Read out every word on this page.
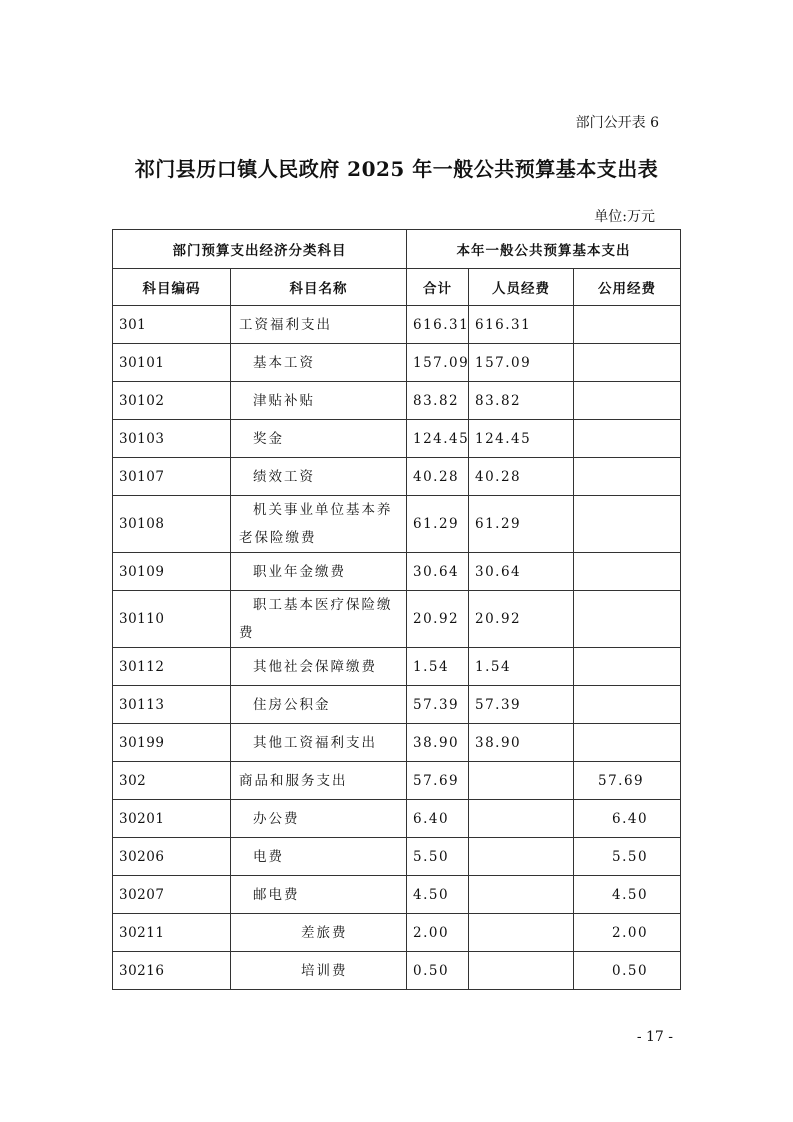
部门公开表 6
祁门县历口镇人民政府 2025 年一般公共预算基本支出表
单位:万元
部门预算支出经济分类科目		本年一般公共预算基本支出		
科目编码	科目名称	合计	人员经费	公用经费
301	工资福利支出	616.31	616.31	
30101	基本工资	157.09	157.09	
30102	津贴补贴	83.82	83.82	
30103	奖金	124.45	124.45	
30107	绩效工资	40.28	40.28	
30108	机关事业单位基本养老保险缴费	61.29	61.29	
30109	职业年金缴费	30.64	30.64	
30110	职工基本医疗保险缴费	20.92	20.92	
30112	其他社会保障缴费	1.54	1.54	
30113	住房公积金	57.39	57.39	
30199	其他工资福利支出	38.90	38.90	
302	商品和服务支出	57.69		57.69
30201	办公费	6.40		6.40
30206	电费	5.50		5.50
30207	邮电费	4.50		4.50
30211	差旅费	2.00		2.00
30216	培训费	0.50		0.50
- 17 -
